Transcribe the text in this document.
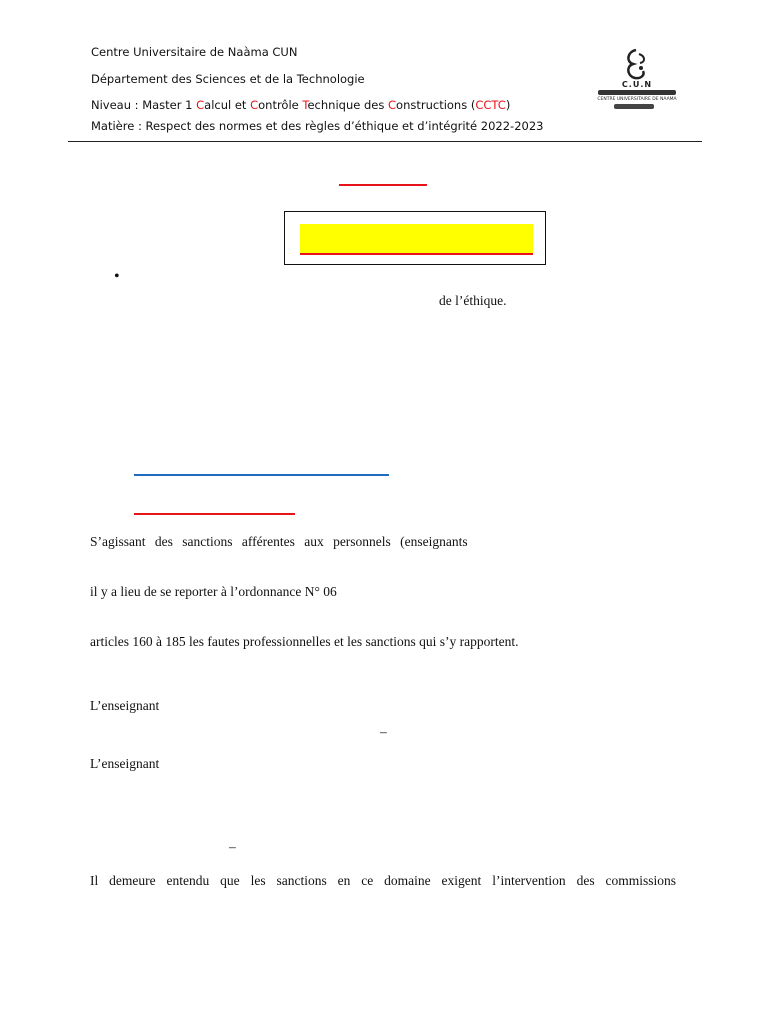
Centre Universitaire de Naàma CUN
Département des Sciences et de la Technologie
Niveau : Master 1 Calcul et Contrôle Technique des Constructions (CCTC)
Matière : Respect des normes et des règles d’éthique et d’intégrité 2022-2023
C.U.N
CENTRE UNIVERSITAIRE DE NAAMA
•
de l’éthique.
S’agissant des sanctions afférentes aux personnels (enseignants
il y a lieu de se reporter à l’ordonnance N° 06
articles 160 à 185 les fautes professionnelles et les sanctions qui s’y rapportent.
L’enseignant
–
L’enseignant
–
Il demeure entendu que les sanctions en ce domaine exigent l’intervention des commissions
